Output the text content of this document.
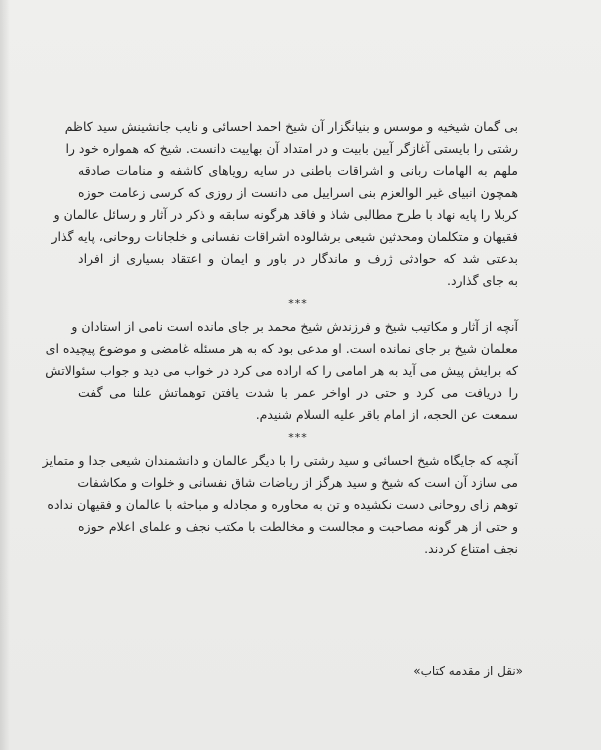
بی گمان شیخیه و موسس و بنیانگزار آن شیخ احمد احسائی و نایب جانشینش سید کاظم
رشتی را بایستی آغازگر آیین بابیت و در امتداد آن بهاییت دانست. شیخ که همواره خود را
ملهم به الهامات ربانی و اشراقات باطنی در سایه رویاهای کاشفه و منامات صادقه
همچون انبیای غیر الوالعزم بنی اسراییل می دانست از روزی که کرسی زعامت حوزه
کربلا را پایه نهاد با طرح مطالبی شاذ و فاقد هرگونه سابقه و ذکر در آثار و رسائل عالمان و
فقیهان و متکلمان ومحدثین شیعی برشالوده اشراقات نفسانی و خلجانات روحانی، پایه گذار
بدعتی شد که حوادثی ژرف و ماندگار در باور و ایمان و اعتقاد بسیاری از افراد
به جای گذارد.
***
آنچه از آثار و مکاتیب شیخ و فرزندش شیخ محمد بر جای مانده است نامی از استادان و
معلمان شیخ بر جای نمانده است. او مدعی بود که به هر مسئله غامضی و موضوع پیچیده ای
که برایش پیش می آید به هر امامی را که اراده می کرد در خواب می دید و جواب سئوالاتش
را دریافت می کرد و حتی در اواخر عمر با شدت یافتن توهماتش علنا می گفت
سمعت عن الحجه، از امام باقر علیه السلام شنیدم.
***
آنچه که جایگاه شیخ احسائی و سید رشتی را با دیگر عالمان و دانشمندان شیعی جدا و متمایز
می سازد آن است که شیخ و سید هرگز از ریاضات شاق نفسانی و خلوات و مکاشفات
توهم زای روحانی دست نکشیده و تن به محاوره و مجادله و مباحثه با عالمان و فقیهان نداده
و حتی از هر گونه مصاحبت و مجالست و مخالطت با مکتب نجف و علمای اعلام حوزه
نجف امتناع کردند.
«نقل از مقدمه کتاب»
